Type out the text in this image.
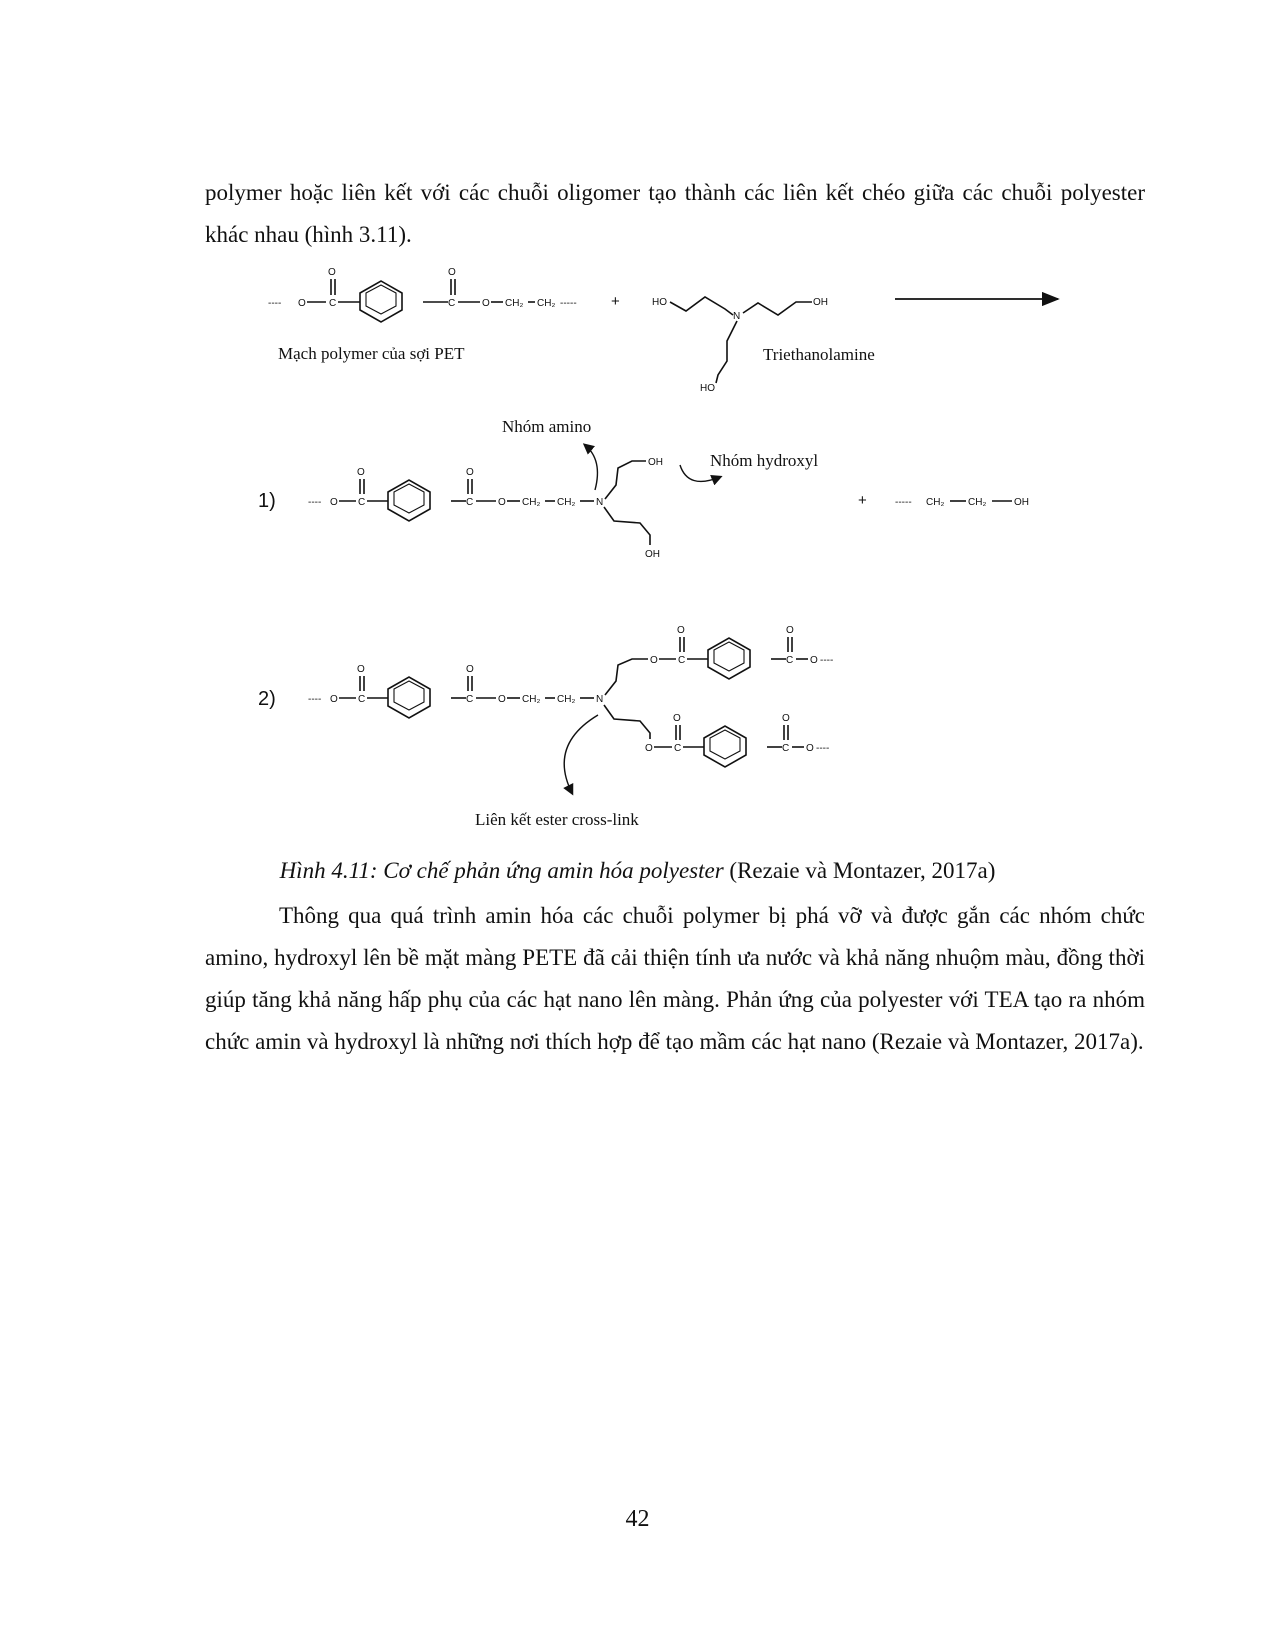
polymer hoặc liên kết với các chuỗi oligomer tạo thành các liên kết chéo giữa các chuỗi polyester khác nhau (hình 3.11).
---- O C
O
C
O
O CH₂ CH₂ ----- +	HO
N
OH
HO
Mạch polymer của sợi PET	Triethanolamine
Nhóm amino
Nhóm hydroxyl
1)	---- O C
O
C
O
O CH₂ CH₂ N
OH
OH
+	----- CH₂ CH₂	OH
2)	---- O C
O
C
O
O CH₂ CH₂ N
O C
O
C
O
O ----
O C
O
C
O
O ----
Liên kết ester cross-link
Hình 4.11: Cơ chế phản ứng amin hóa polyester (Rezaie và Montazer, 2017a)
Thông qua quá trình amin hóa các chuỗi polymer bị phá vỡ và được gắn các nhóm chức amino, hydroxyl lên bề mặt màng PETE đã cải thiện tính ưa nước và khả năng nhuộm màu, đồng thời giúp tăng khả năng hấp phụ của các hạt nano lên màng. Phản ứng của polyester với TEA tạo ra nhóm chức amin và hydroxyl là những nơi thích hợp để tạo mầm các hạt nano (Rezaie và Montazer, 2017a).
42
